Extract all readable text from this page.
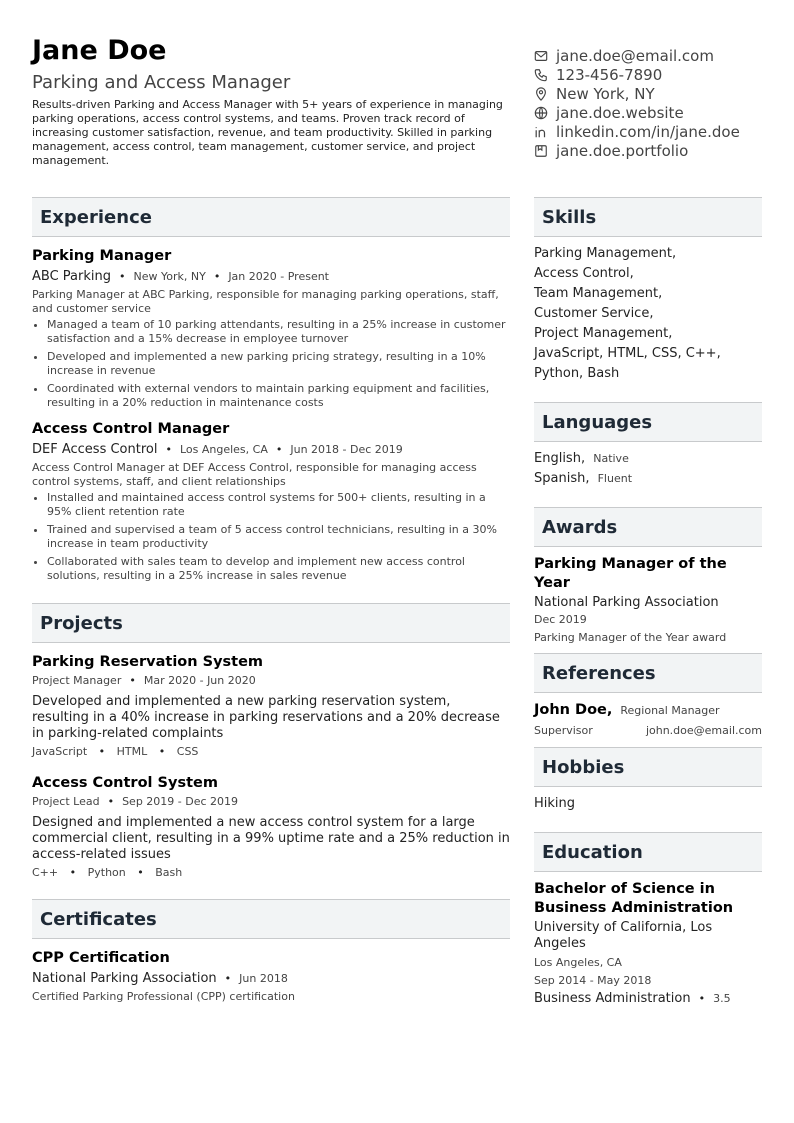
Jane Doe
Parking and Access Manager
Results-driven Parking and Access Manager with 5+ years of experience in managing parking operations, access control systems, and teams. Proven track record of increasing customer satisfaction, revenue, and team productivity. Skilled in parking management, access control, team management, customer service, and project management.
jane.doe@email.com
123-456-7890
New York, NY
jane.doe.website
linkedin.com/in/jane.doe
jane.doe.portfolio
Experience
Parking Manager
ABC Parking • New York, NY • Jan 2020 - Present
Parking Manager at ABC Parking, responsible for managing parking operations, staff, and customer service
• Managed a team of 10 parking attendants, resulting in a 25% increase in customer satisfaction and a 15% decrease in employee turnover
• Developed and implemented a new parking pricing strategy, resulting in a 10% increase in revenue
• Coordinated with external vendors to maintain parking equipment and facilities, resulting in a 20% reduction in maintenance costs
Access Control Manager
DEF Access Control • Los Angeles, CA • Jun 2018 - Dec 2019
Access Control Manager at DEF Access Control, responsible for managing access control systems, staff, and client relationships
• Installed and maintained access control systems for 500+ clients, resulting in a 95% client retention rate
• Trained and supervised a team of 5 access control technicians, resulting in a 30% increase in team productivity
• Collaborated with sales team to develop and implement new access control solutions, resulting in a 25% increase in sales revenue
Projects
Parking Reservation System
Project Manager • Mar 2020 - Jun 2020
Developed and implemented a new parking reservation system, resulting in a 40% increase in parking reservations and a 20% decrease in parking-related complaints
JavaScript • HTML • CSS
Access Control System
Project Lead • Sep 2019 - Dec 2019
Designed and implemented a new access control system for a large commercial client, resulting in a 99% uptime rate and a 25% reduction in access-related issues
C++ • Python • Bash
Certificates
CPP Certification
National Parking Association • Jun 2018
Certified Parking Professional (CPP) certification
Skills
Parking Management,
Access Control,
Team Management,
Customer Service,
Project Management,
JavaScript, HTML, CSS, C++,
Python, Bash
Languages
English, Native
Spanish, Fluent
Awards
Parking Manager of the Year
National Parking Association
Dec 2019
Parking Manager of the Year award
References
John Doe, Regional Manager
Supervisor	john.doe@email.com
Hobbies
Hiking
Education
Bachelor of Science in Business Administration
University of California, Los Angeles
Los Angeles, CA
Sep 2014 - May 2018
Business Administration • 3.5
